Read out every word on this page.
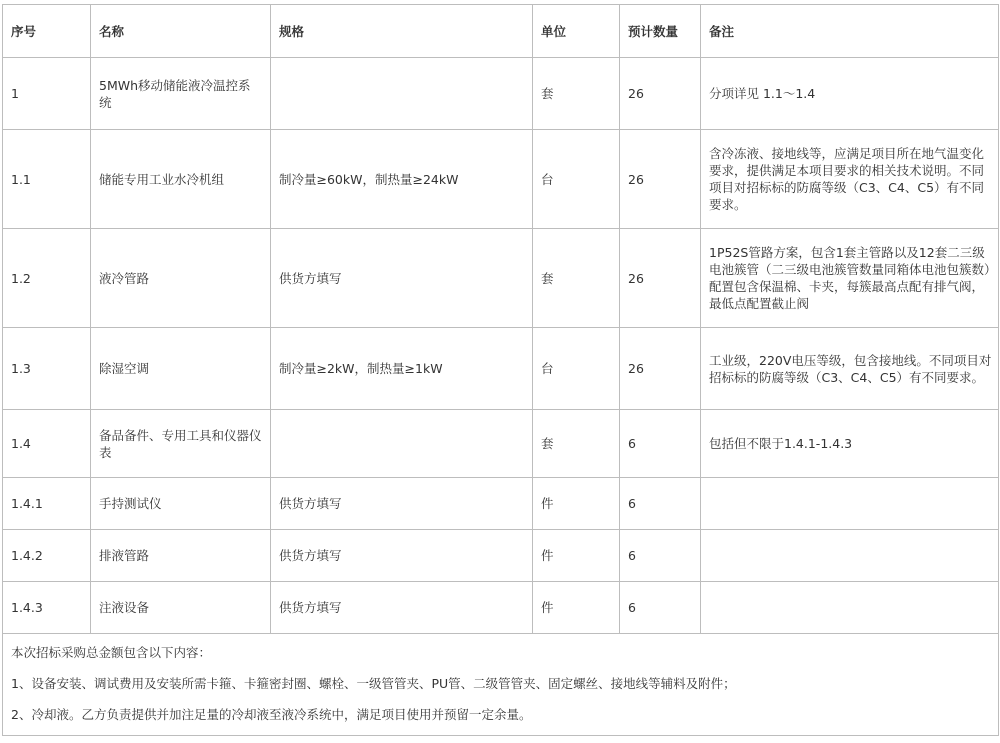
序号	名称	规格	单位	预计数量	备注
1	5MWh移动储能液冷温控系统		套	26	分项详见 1.1～1.4
1.1	储能专用工业水冷机组	制冷量≥60kW，制热量≥24kW	台	26	含冷冻液、接地线等，应满足项目所在地气温变化要求，提供满足本项目要求的相关技术说明。不同项目对招标标的防腐等级（C3、C4、C5）有不同要求。
1.2	液冷管路	供货方填写	套	26	1P52S管路方案，包含1套主管路以及12套二三级电池簇管（二三级电池簇管数量同箱体电池包簇数）配置包含保温棉、卡夹，每簇最高点配有排气阀，最低点配置截止阀
1.3	除湿空调	制冷量≥2kW，制热量≥1kW	台	26	工业级，220V电压等级，包含接地线。不同项目对招标标的防腐等级（C3、C4、C5）有不同要求。
1.4	备品备件、专用工具和仪器仪表		套	6	包括但不限于1.4.1-1.4.3
1.4.1	手持测试仪	供货方填写	件	6	
1.4.2	排液管路	供货方填写	件	6	
1.4.3	注液设备	供货方填写	件	6	

本次招标采购总金额包含以下内容：
1、设备安装、调试费用及安装所需卡箍、卡箍密封圈、螺栓、一级管管夹、PU管、二级管管夹、固定螺丝、接地线等辅料及附件；
2、冷却液。乙方负责提供并加注足量的冷却液至液冷系统中，满足项目使用并预留一定余量。					
